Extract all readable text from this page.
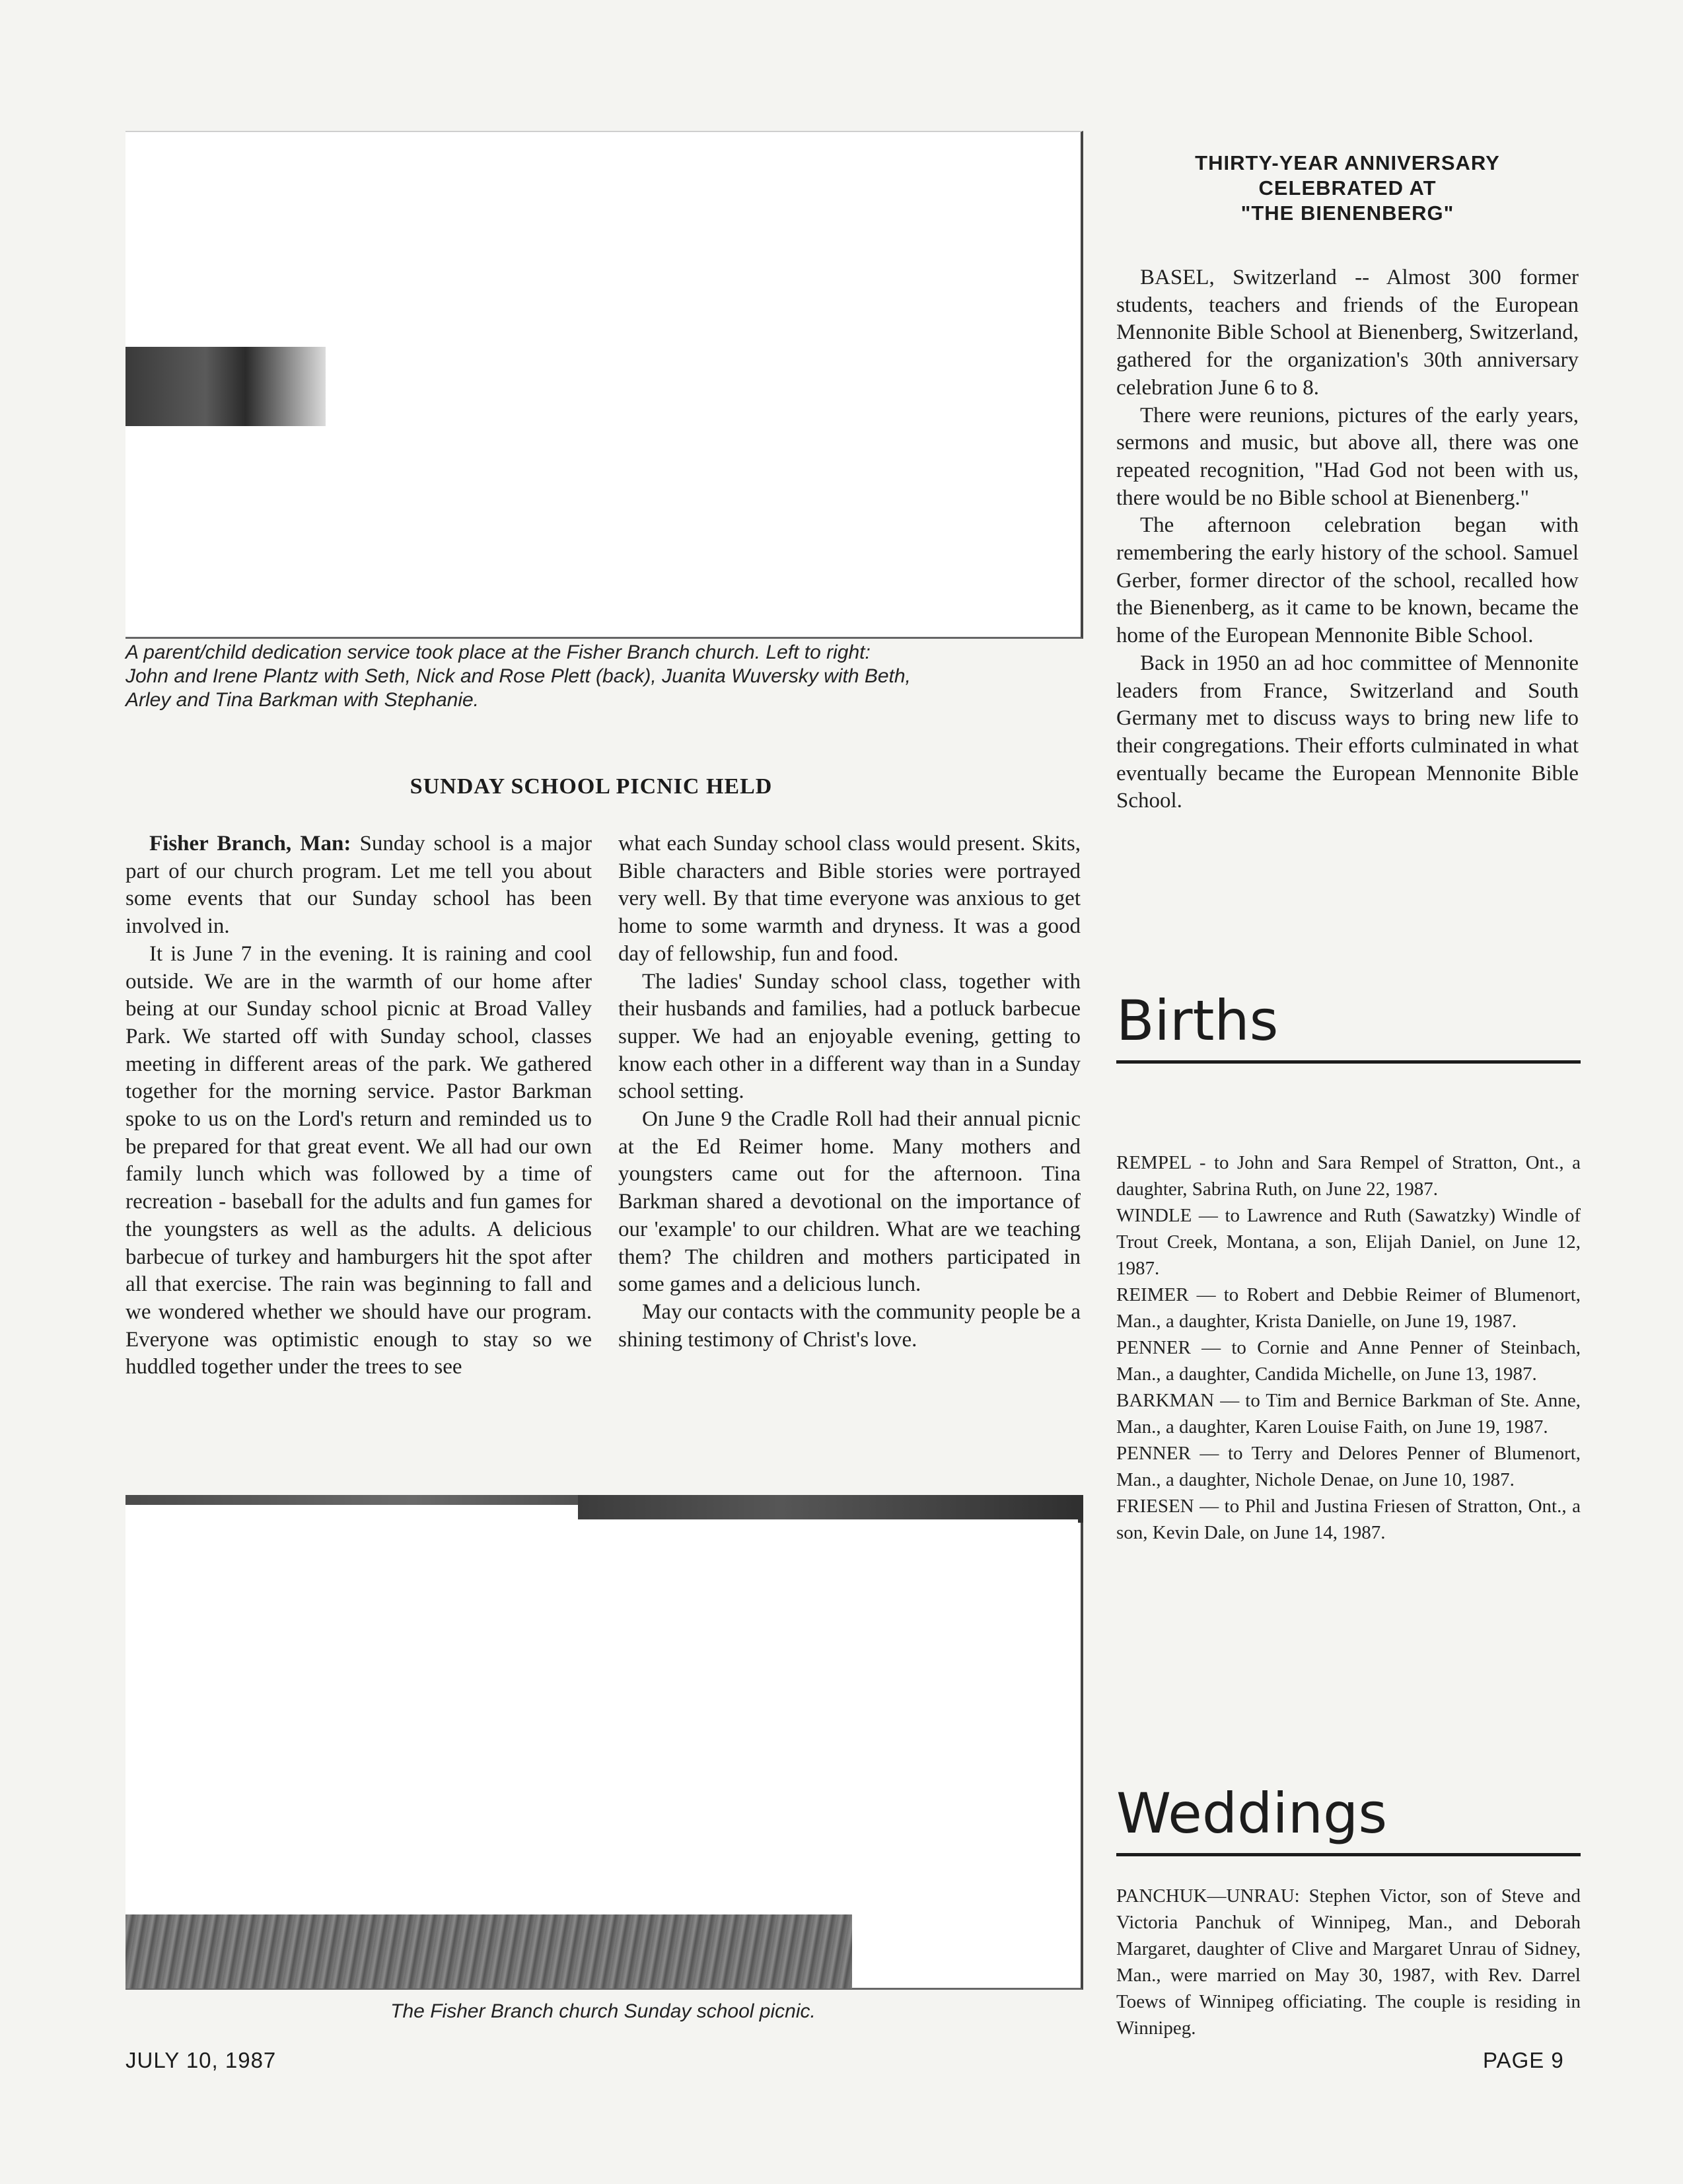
A parent/child dedication service took place at the Fisher Branch church. Left to right:

John and Irene Plantz with Seth, Nick and Rose Plett (back), Juanita Wuversky with Beth,

Arley and Tina Barkman with Stephanie.

SUNDAY SCHOOL PICNIC HELD

Fisher Branch, Man: Sunday school is a major part of our church program. Let me tell you about some events that our Sunday school has been involved in.

It is June 7 in the evening. It is raining and cool outside. We are in the warmth of our home after being at our Sunday school picnic at Broad Valley Park. We started off with Sunday school, classes meeting in different areas of the park. We gathered together for the morning service. Pastor Barkman spoke to us on the Lord's return and reminded us to be prepared for that great event. We all had our own family lunch which was followed by a time of recreation - baseball for the adults and fun games for the youngsters as well as the adults. A delicious barbecue of turkey and hamburgers hit the spot after all that exercise. The rain was beginning to fall and we wondered whether we should have our program. Everyone was optimistic enough to stay so we huddled together under the trees to see

what each Sunday school class would present. Skits, Bible characters and Bible stories were portrayed very well. By that time everyone was anxious to get home to some warmth and dryness. It was a good day of fellowship, fun and food.

The ladies' Sunday school class, together with their husbands and families, had a potluck barbecue supper. We had an enjoyable evening, getting to know each other in a different way than in a Sunday school setting.

On June 9 the Cradle Roll had their annual picnic at the Ed Reimer home. Many mothers and youngsters came out for the afternoon. Tina Barkman shared a devotional on the importance of our 'example' to our children. What are we teaching them? The children and mothers participated in some games and a delicious lunch.

May our contacts with the community people be a shining testimony of Christ's love.

The Fisher Branch church Sunday school picnic.
THIRTY-YEAR ANNIVERSARY
CELEBRATED AT
"THE BIENENBERG"

BASEL, Switzerland -- Almost 300 former students, teachers and friends of the European Mennonite Bible School at Bienenberg, Switzerland, gathered for the organization's 30th anniversary celebration June 6 to 8.

There were reunions, pictures of the early years, sermons and music, but above all, there was one repeated recognition, "Had God not been with us, there would be no Bible school at Bienenberg."

The afternoon celebration began with remembering the early history of the school. Samuel Gerber, former director of the school, recalled how the Bienenberg, as it came to be known, became the home of the European Mennonite Bible School.

Back in 1950 an ad hoc committee of Mennonite leaders from France, Switzerland and South Germany met to discuss ways to bring new life to their congregations. Their efforts culminated in what eventually became the European Mennonite Bible School.

Births

REMPEL - to John and Sara Rempel of Stratton, Ont., a daughter, Sabrina Ruth, on June 22, 1987.

WINDLE — to Lawrence and Ruth (Sawatzky) Windle of Trout Creek, Montana, a son, Elijah Daniel, on June 12, 1987.

REIMER — to Robert and Debbie Reimer of Blumenort, Man., a daughter, Krista Danielle, on June 19, 1987.

PENNER — to Cornie and Anne Penner of Steinbach, Man., a daughter, Candida Michelle, on June 13, 1987.

BARKMAN — to Tim and Bernice Barkman of Ste. Anne, Man., a daughter, Karen Louise Faith, on June 19, 1987.

PENNER — to Terry and Delores Penner of Blumenort, Man., a daughter, Nichole Denae, on June 10, 1987.

FRIESEN — to Phil and Justina Friesen of Stratton, Ont., a son, Kevin Dale, on June 14, 1987.

Weddings

PANCHUK—UNRAU: Stephen Victor, son of Steve and Victoria Panchuk of Winnipeg, Man., and Deborah Margaret, daughter of Clive and Margaret Unrau of Sidney, Man., were married on May 30, 1987, with Rev. Darrel Toews of Winnipeg officiating. The couple is residing in Winnipeg.

JULY 10, 1987	PAGE 9
